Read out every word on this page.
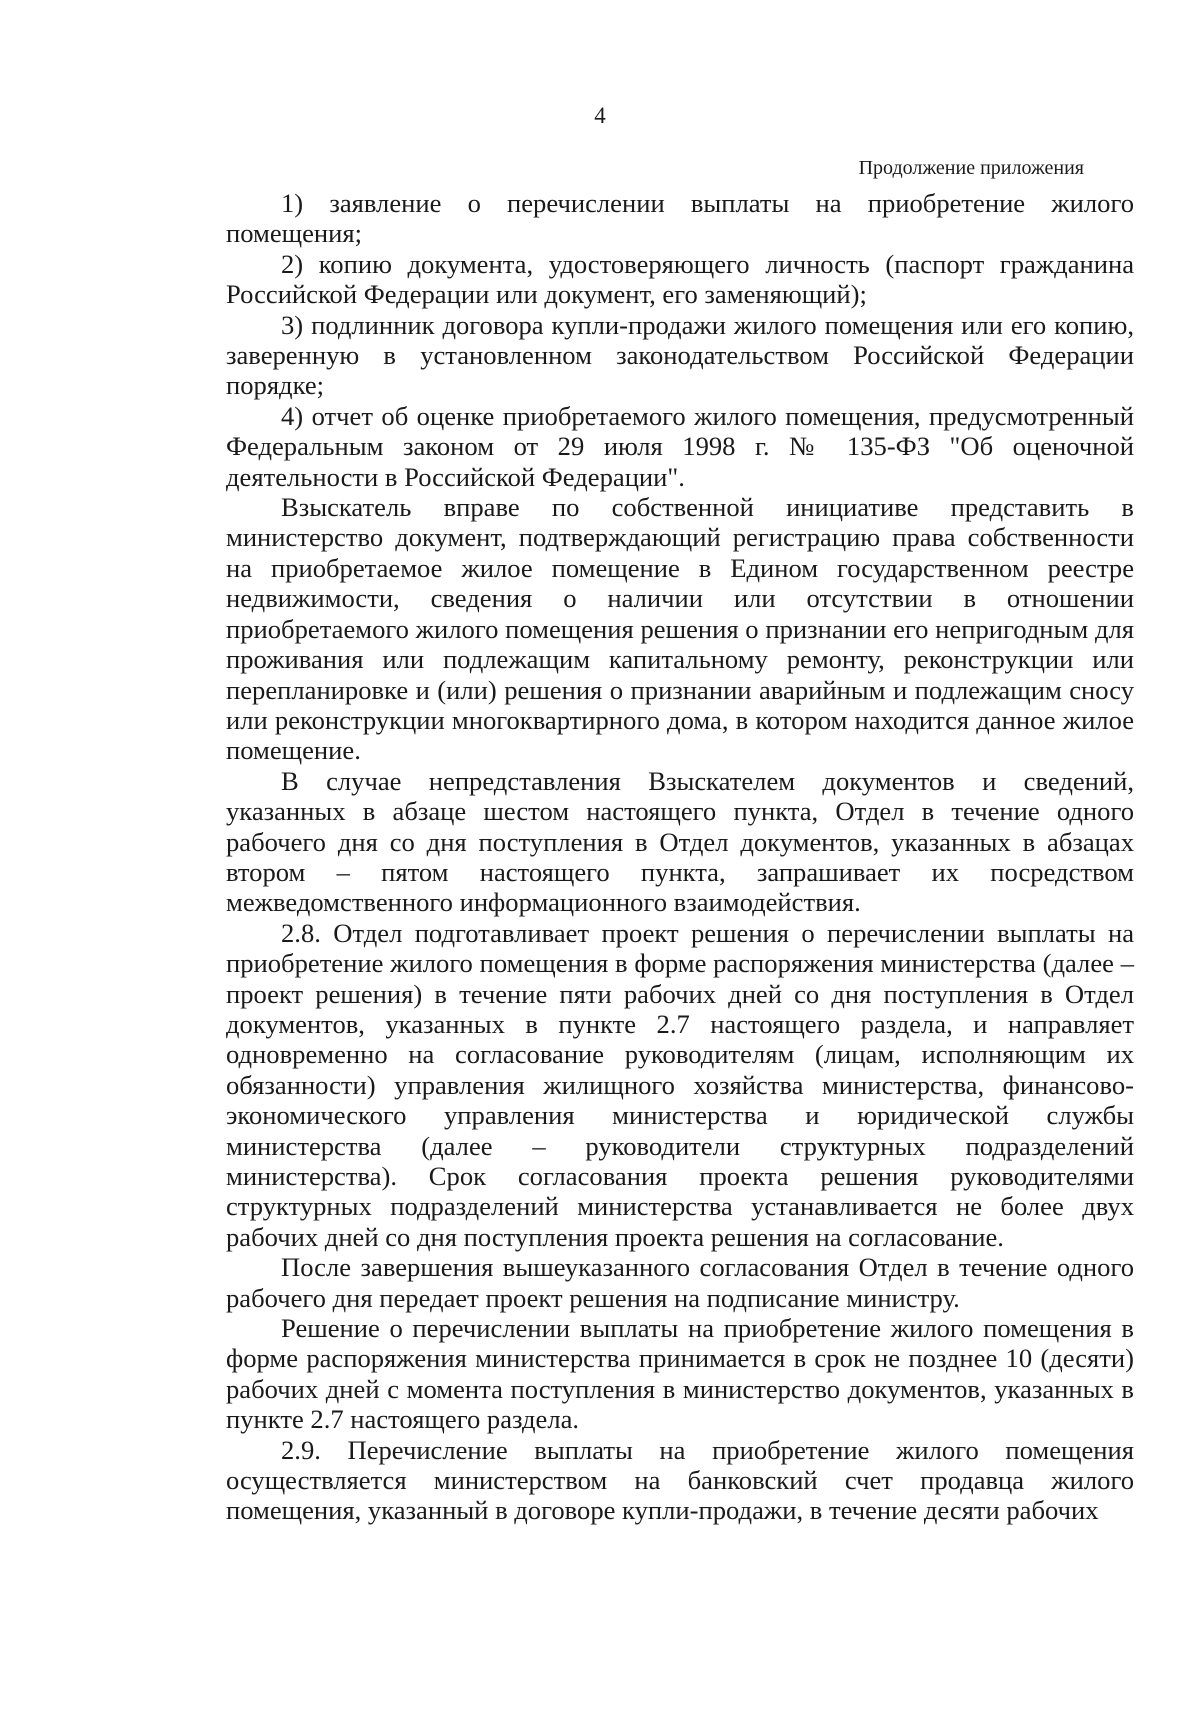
4
Продолжение приложения

1) заявление о перечислении выплаты на приобретение жилого помещения;

2) копию документа, удостоверяющего личность (паспорт гражданина Российской Федерации или документ, его заменяющий);

3) подлинник договора купли-продажи жилого помещения или его копию, заверенную в установленном законодательством Российской Федерации порядке;

4) отчет об оценке приобретаемого жилого помещения, предусмотренный Федеральным законом от 29 июля 1998 г. № 135-ФЗ "Об оценочной деятельности в Российской Федерации".

Взыскатель вправе по собственной инициативе представить в министерство документ, подтверждающий регистрацию права собственности на приобретаемое жилое помещение в Едином государственном реестре недвижимости, сведения о наличии или отсутствии в отношении приобретаемого жилого помещения решения о признании его непригодным для проживания или подлежащим капитальному ремонту, реконструкции или перепланировке и (или) решения о признании аварийным и подлежащим сносу или реконструкции многоквартирного дома, в котором находится данное жилое помещение.

В случае непредставления Взыскателем документов и сведений, указанных в абзаце шестом настоящего пункта, Отдел в течение одного рабочего дня со дня поступления в Отдел документов, указанных в абзацах втором – пятом настоящего пункта, запрашивает их посредством межведомственного информационного взаимодействия.

2.8. Отдел подготавливает проект решения о перечислении выплаты на приобретение жилого помещения в форме распоряжения министерства (далее – проект решения) в течение пяти рабочих дней со дня поступления в Отдел документов, указанных в пункте 2.7 настоящего раздела, и направляет одновременно на согласование руководителям (лицам, исполняющим их обязанности) управления жилищного хозяйства министерства, финансово-экономического управления министерства и юридической службы министерства (далее – руководители структурных подразделений министерства). Срок согласования проекта решения руководителями структурных подразделений министерства устанавливается не более двух рабочих дней со дня поступления проекта решения на согласование.

После завершения вышеуказанного согласования Отдел в течение одного рабочего дня передает проект решения на подписание министру.

Решение о перечислении выплаты на приобретение жилого помещения в форме распоряжения министерства принимается в срок не позднее 10 (десяти) рабочих дней с момента поступления в министерство документов, указанных в пункте 2.7 настоящего раздела.

2.9. Перечисление выплаты на приобретение жилого помещения осуществляется министерством на банковский счет продавца жилого помещения, указанный в договоре купли-продажи, в течение десяти рабочих
